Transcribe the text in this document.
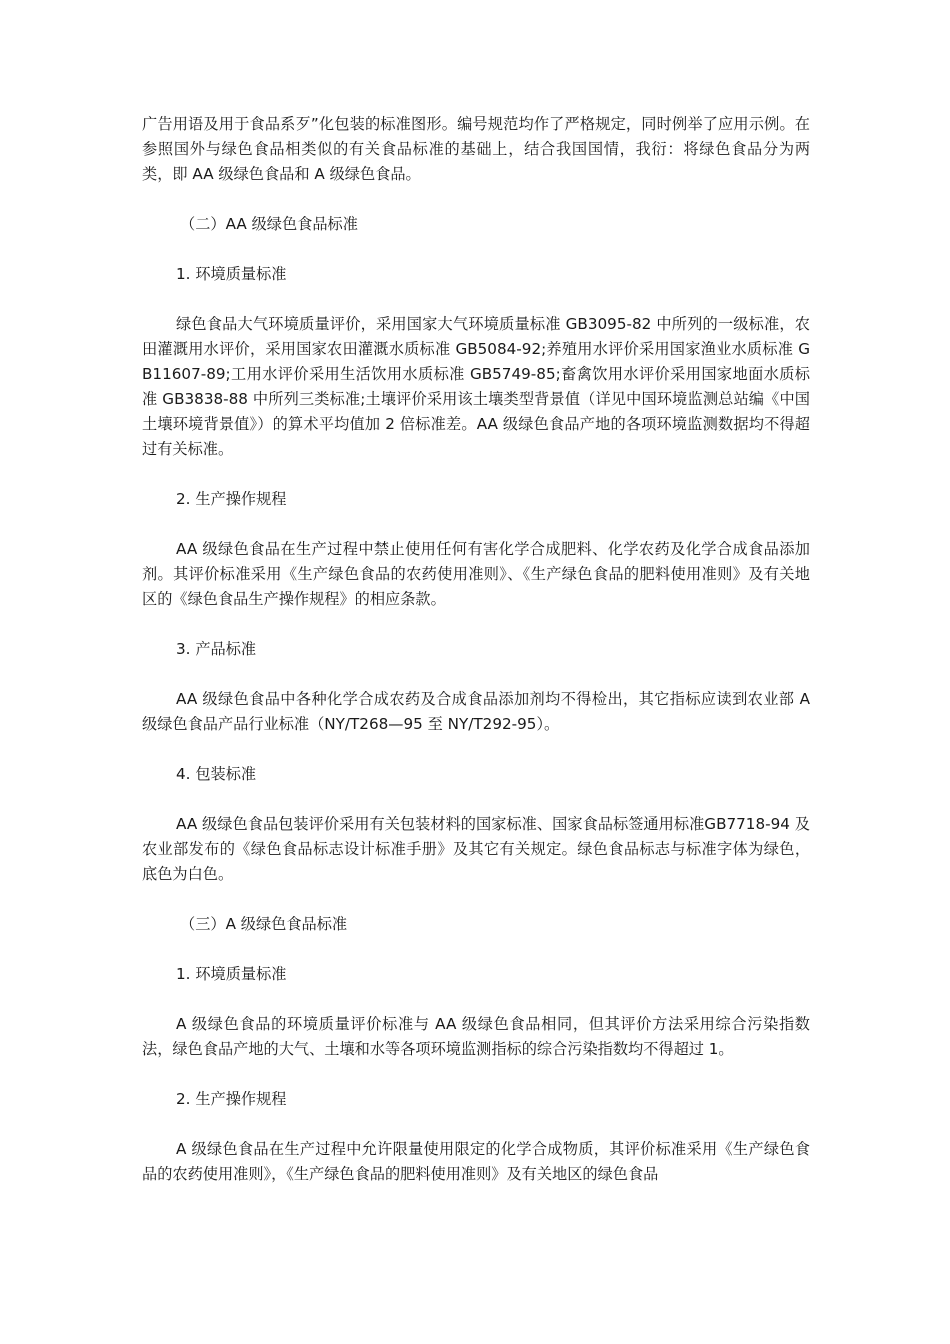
广告用语及用于食品系歹”化包装的标准图形。编号规范均作了严格规定，同时例举了应用示例。在参照国外与绿色食品相类似的有关食品标准的基础上，结合我国国情，我衍：将绿色食品分为两类，即 AA 级绿色食品和 A 级绿色食品。

（二）AA 级绿色食品标准
1. 环境质量标准

绿色食品大气环境质量评价，采用国家大气环境质量标准 GB3095-82 中所列的一级标准，农田灌溉用水评价，采用国家农田灌溉水质标准 GB5084-92;养殖用水评价采用国家渔业水质标准 GB11607-89;工用水评价采用生活饮用水质标准 GB5749-85;畜禽饮用水评价采用国家地面水质标准 GB3838-88 中所列三类标准;土壤评价采用该土壤类型背景值（详见中国环境监测总站编《中国土壤环境背景值》）的算术平均值加 2 倍标准差。AA 级绿色食品产地的各项环境监测数据均不得超过有关标准。

2. 生产操作规程

AA 级绿色食品在生产过程中禁止使用任何有害化学合成肥料、化学农药及化学合成食品添加剂。其评价标准采用《生产绿色食品的农药使用准则》、《生产绿色食品的肥料使用准则》及有关地区的《绿色食品生产操作规程》的相应条款。

3. 产品标准

AA 级绿色食品中各种化学合成农药及合成食品添加剂均不得检出，其它指标应读到农业部 A 级绿色食品产品行业标准（NY/T268—95 至 NY/T292-95）。

4. 包装标准

AA 级绿色食品包装评价采用有关包装材料的国家标准、国家食品标签通用标准GB7718-94 及农业部发布的《绿色食品标志设计标准手册》及其它有关规定。绿色食品标志与标准字体为绿色，底色为白色。

（三）A 级绿色食品标准
1. 环境质量标准

A 级绿色食品的环境质量评价标准与 AA 级绿色食品相同，但其评价方法采用综合污染指数法，绿色食品产地的大气、土壤和水等各项环境监测指标的综合污染指数均不得超过 1。

2. 生产操作规程

A 级绿色食品在生产过程中允许限量使用限定的化学合成物质，其评价标准采用《生产绿色食品的农药使用准则》，《生产绿色食品的肥料使用准则》及有关地区的绿色食品
